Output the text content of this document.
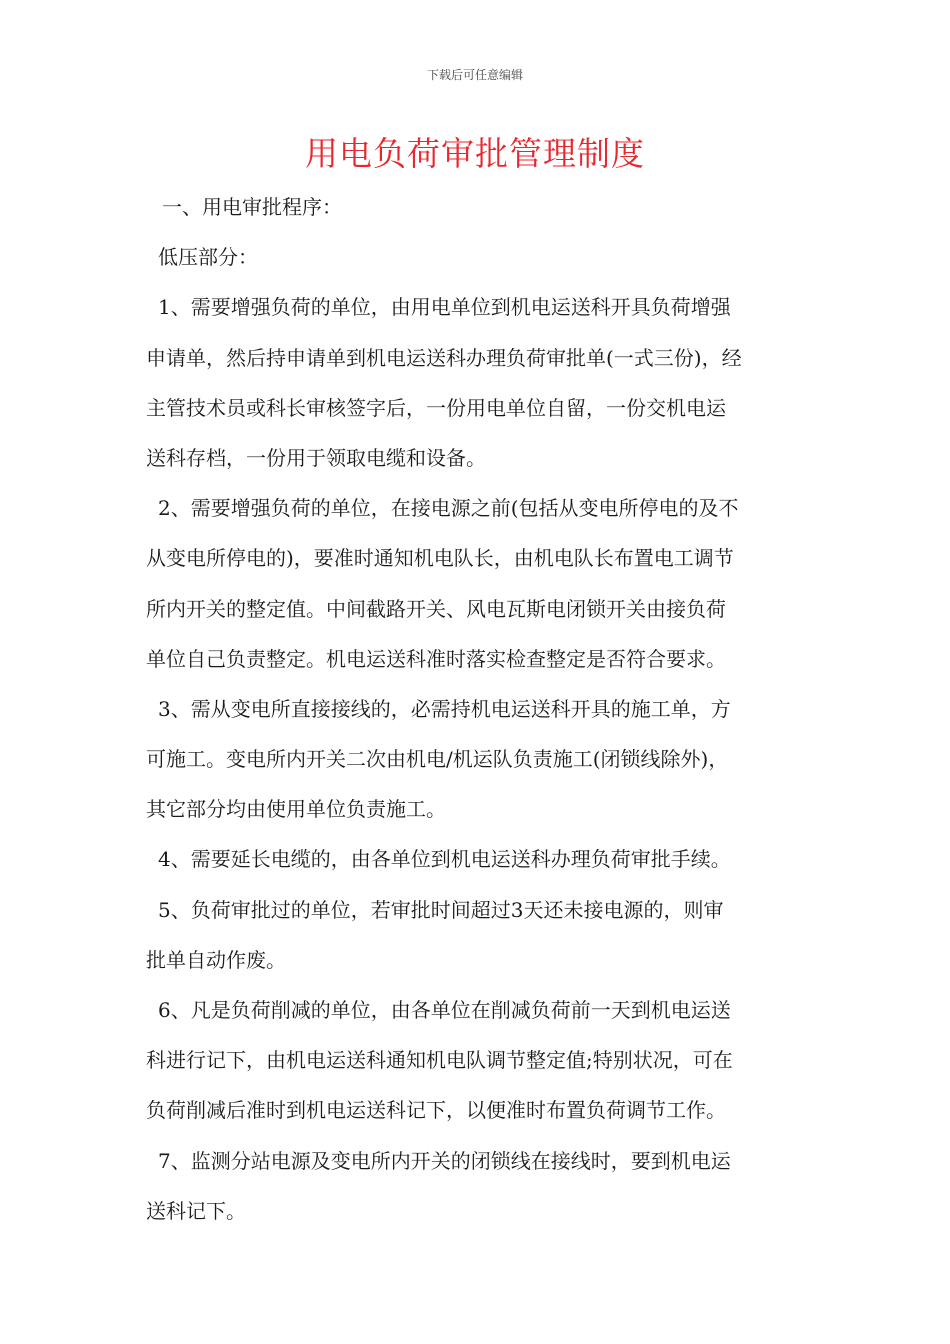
下载后可任意编辑
用电负荷审批管理制度
一、用电审批程序：
低压部分：
1、需要增强负荷的单位，由用电单位到机电运送科开具负荷增强
申请单，然后持申请单到机电运送科办理负荷审批单(一式三份)，经
主管技术员或科长审核签字后，一份用电单位自留，一份交机电运
送科存档，一份用于领取电缆和设备。
2、需要增强负荷的单位，在接电源之前(包括从变电所停电的及不
从变电所停电的)，要准时通知机电队长，由机电队长布置电工调节
所内开关的整定值。中间截路开关、风电瓦斯电闭锁开关由接负荷
单位自己负责整定。机电运送科准时落实检查整定是否符合要求。
3、需从变电所直接接线的，必需持机电运送科开具的施工单，方
可施工。变电所内开关二次由机电/机运队负责施工(闭锁线除外)，
其它部分均由使用单位负责施工。
4、需要延长电缆的，由各单位到机电运送科办理负荷审批手续。
5、负荷审批过的单位，若审批时间超过3天还未接电源的，则审
批单自动作废。
6、凡是负荷削减的单位，由各单位在削减负荷前一天到机电运送
科进行记下，由机电运送科通知机电队调节整定值;特别状况，可在
负荷削减后准时到机电运送科记下，以便准时布置负荷调节工作。
7、监测分站电源及变电所内开关的闭锁线在接线时，要到机电运
送科记下。
